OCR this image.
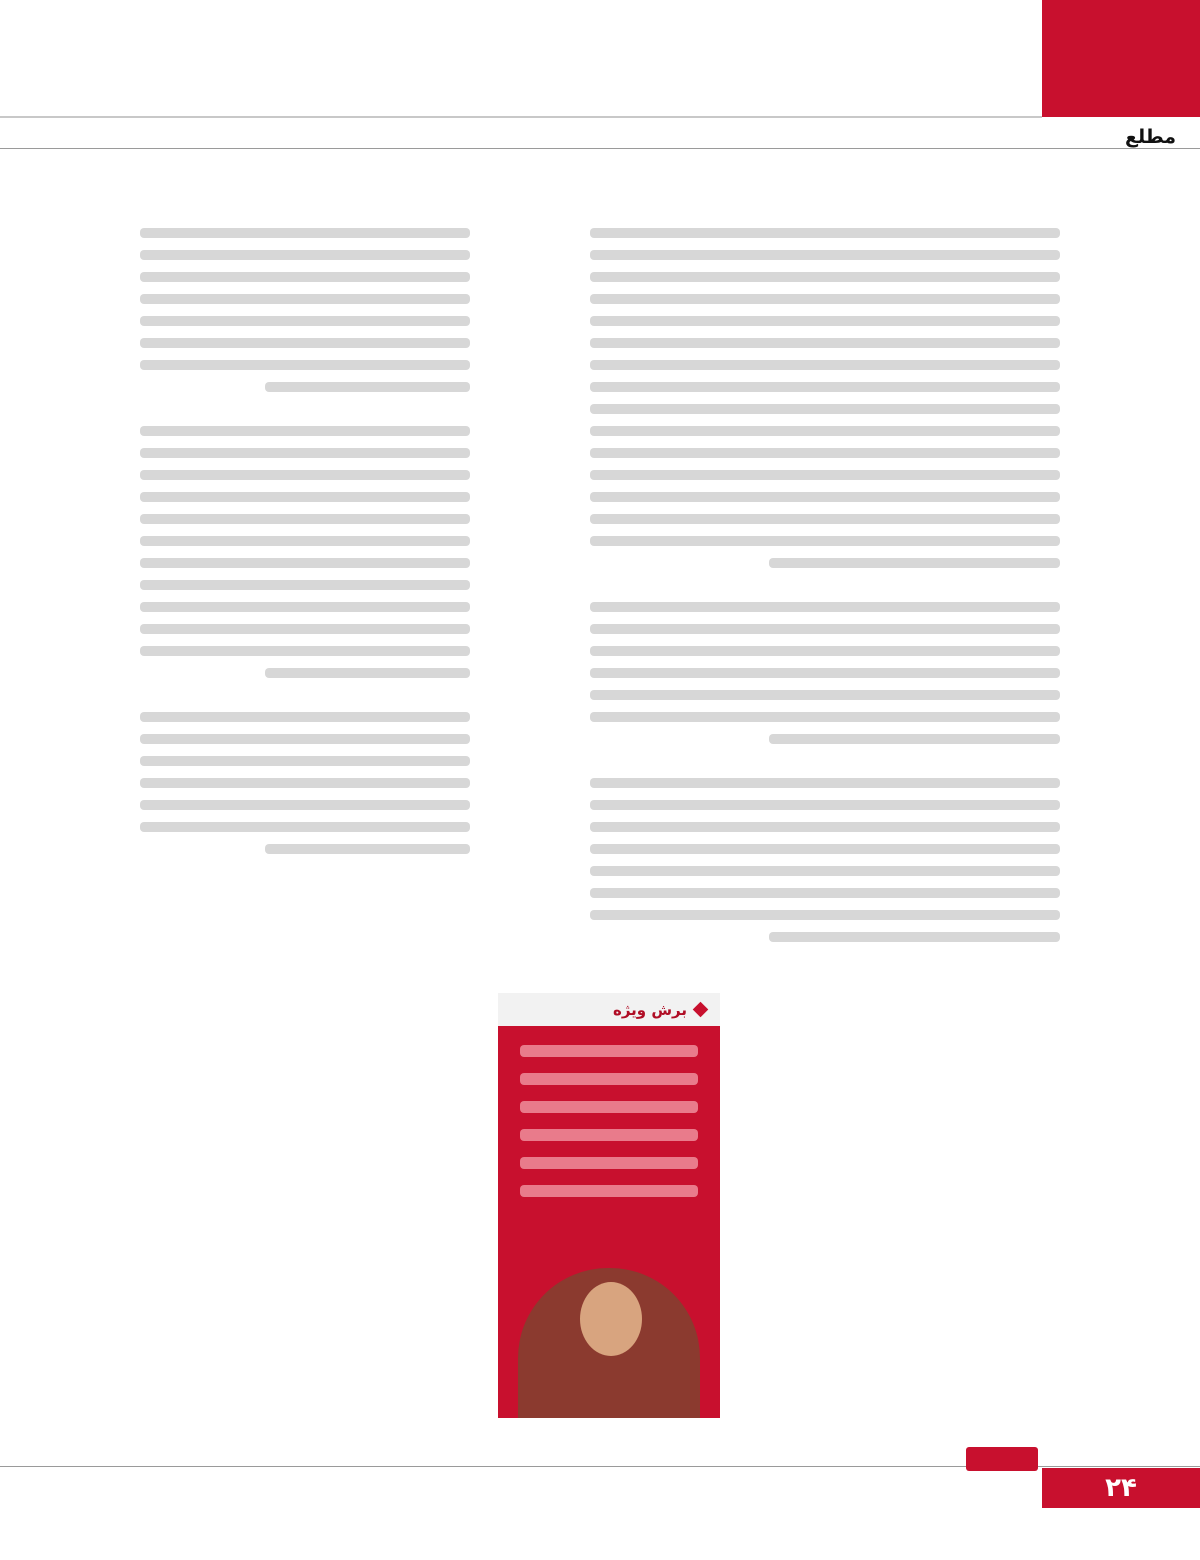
مطلع
برش ویژه
۲۴
